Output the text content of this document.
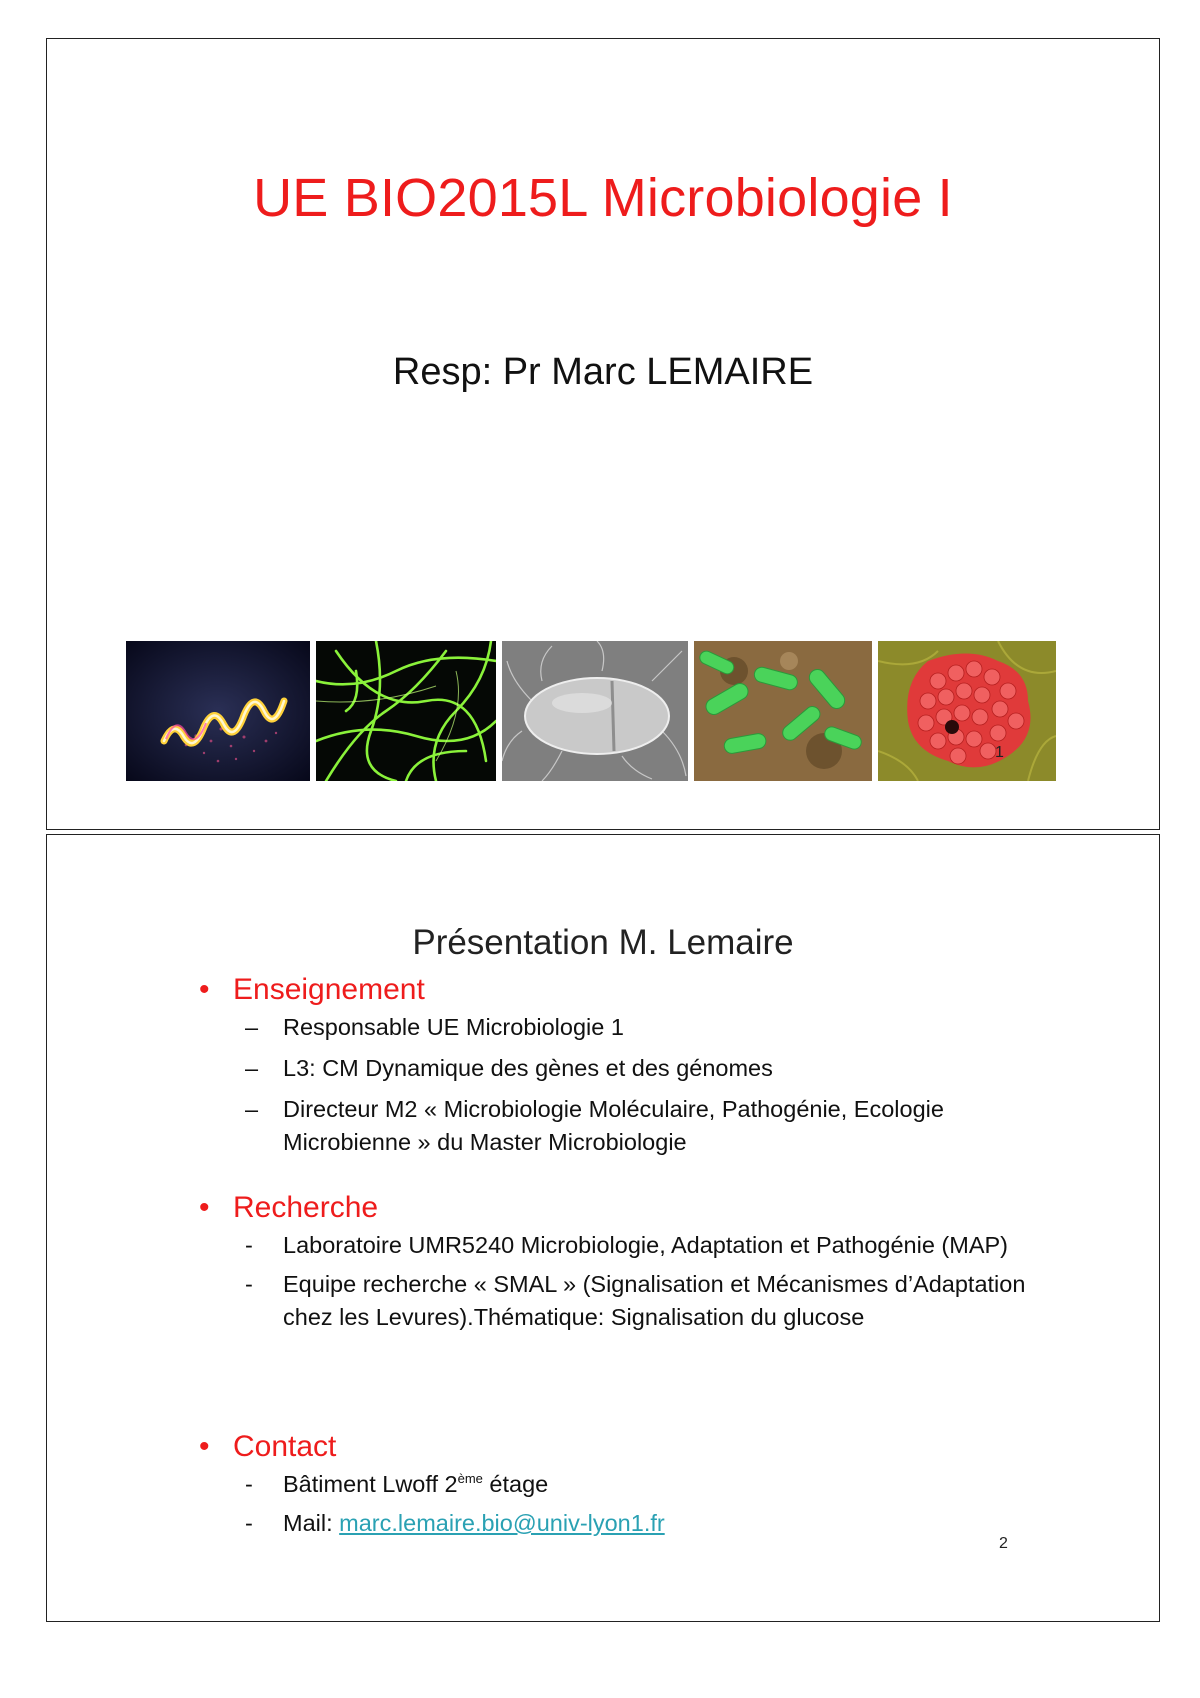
UE BIO2015L Microbiologie I
Resp: Pr Marc LEMAIRE
1
Présentation M. Lemaire
• Enseignement
– Responsable UE Microbiologie 1
– L3: CM Dynamique des gènes et des génomes
– Directeur M2 « Microbiologie Moléculaire, Pathogénie, Ecologie Microbienne » du Master Microbiologie
• Recherche
- Laboratoire UMR5240 Microbiologie, Adaptation et Pathogénie (MAP)
- Equipe recherche « SMAL » (Signalisation et Mécanismes d’Adaptation chez les Levures).Thématique: Signalisation du glucose
• Contact
- Bâtiment Lwoff 2ème étage
- Mail: marc.lemaire.bio@univ-lyon1.fr
2
